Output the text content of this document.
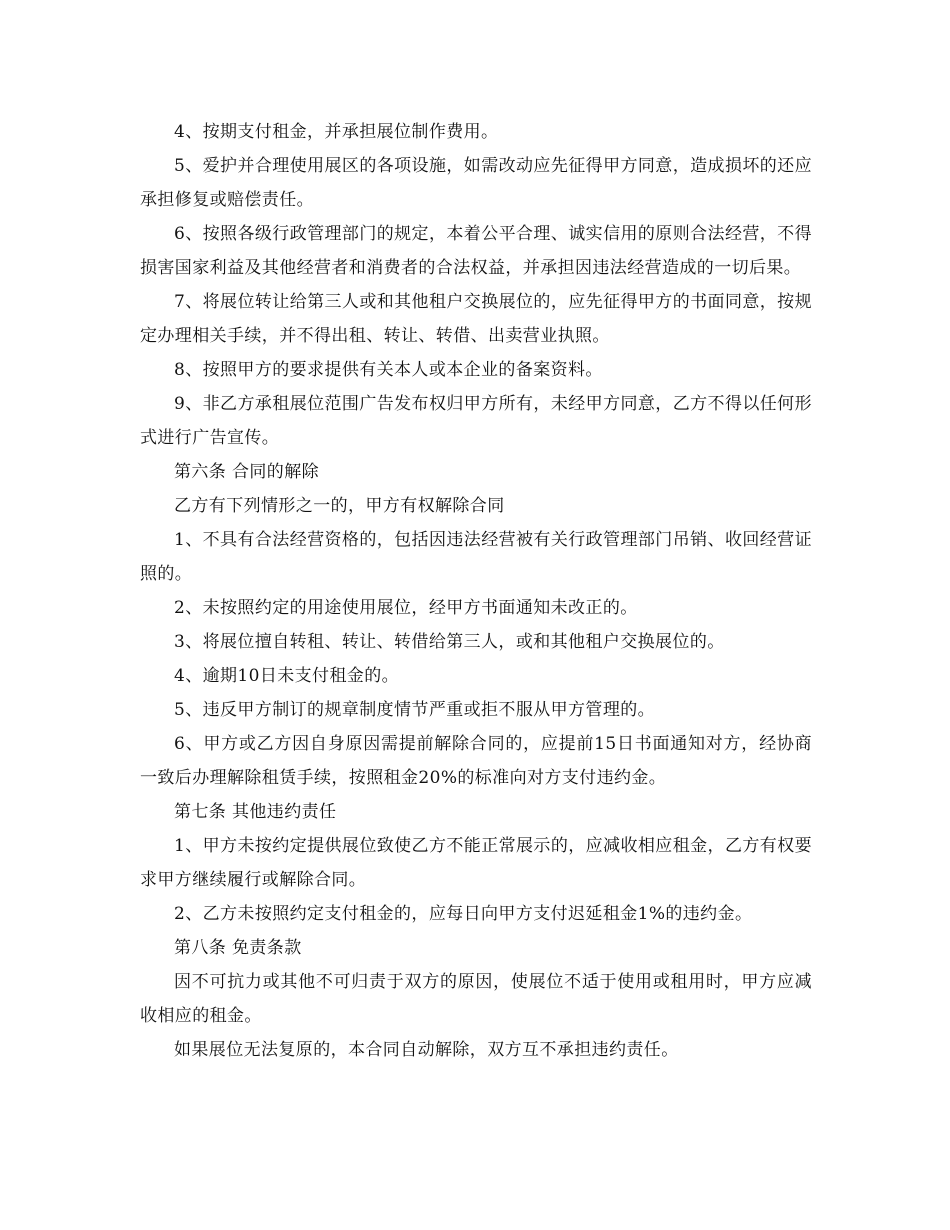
4、按期支付租金，并承担展位制作费用。

5、爱护并合理使用展区的各项设施，如需改动应先征得甲方同意，造成损坏的还应承担修复或赔偿责任。

6、按照各级行政管理部门的规定，本着公平合理、诚实信用的原则合法经营，不得损害国家利益及其他经营者和消费者的合法权益，并承担因违法经营造成的一切后果。

7、将展位转让给第三人或和其他租户交换展位的，应先征得甲方的书面同意，按规定办理相关手续，并不得出租、转让、转借、出卖营业执照。

8、按照甲方的要求提供有关本人或本企业的备案资料。

9、非乙方承租展位范围广告发布权归甲方所有，未经甲方同意，乙方不得以任何形式进行广告宣传。

第六条 合同的解除

乙方有下列情形之一的，甲方有权解除合同

1、不具有合法经营资格的，包括因违法经营被有关行政管理部门吊销、收回经营证照的。

2、未按照约定的用途使用展位，经甲方书面通知未改正的。

3、将展位擅自转租、转让、转借给第三人，或和其他租户交换展位的。

4、逾期10日未支付租金的。

5、违反甲方制订的规章制度情节严重或拒不服从甲方管理的。

6、甲方或乙方因自身原因需提前解除合同的，应提前15日书面通知对方，经协商一致后办理解除租赁手续，按照租金20%的标准向对方支付违约金。

第七条 其他违约责任

1、甲方未按约定提供展位致使乙方不能正常展示的，应减收相应租金，乙方有权要求甲方继续履行或解除合同。

2、乙方未按照约定支付租金的，应每日向甲方支付迟延租金1%的违约金。

第八条 免责条款

因不可抗力或其他不可归责于双方的原因，使展位不适于使用或租用时，甲方应减收相应的租金。

如果展位无法复原的，本合同自动解除，双方互不承担违约责任。
